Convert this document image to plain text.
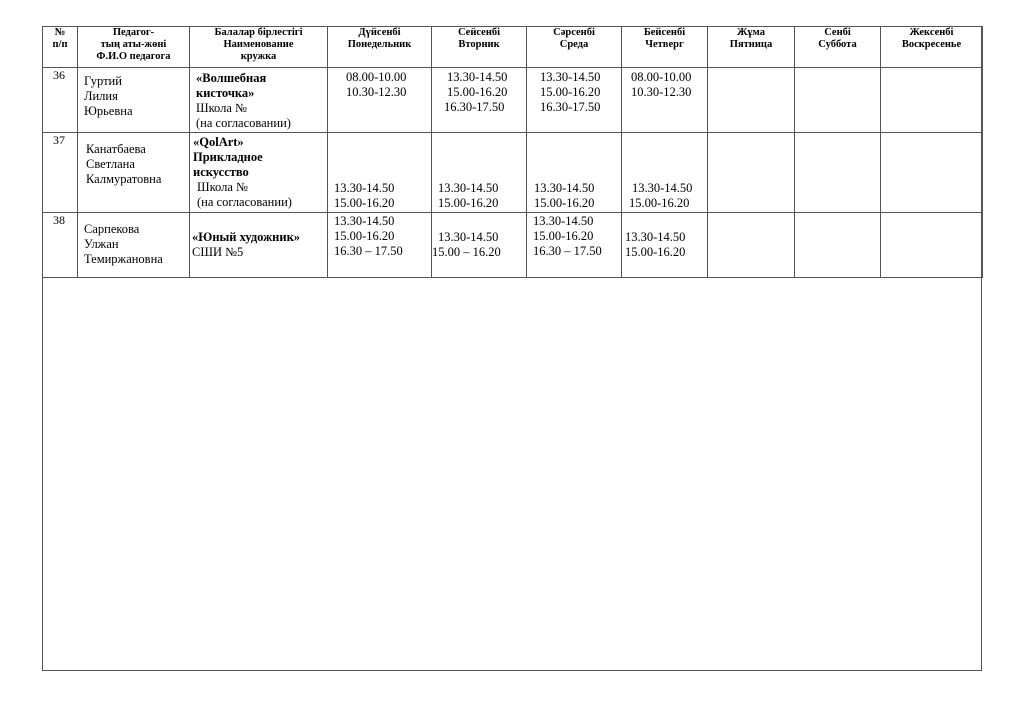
№
п/п	Педагог-
тың аты-жөні
Ф.И.О педагога	Балалар бірлестігі
Наименование
кружка	Дүйсенбі
Понедельник	Сейсенбі
Вторник	Сәрсенбі
Среда	Бейсенбі
Четверг	Жұма
Пятница	Сенбі
Суббота	Жексенбі
Воскресенье

36	Гуртий
Лилия
Юрьевна	«Волшебная
кисточка»
Школа №
(на согласовании)	08.00-10.00
10.30-12.30	13.30-14.50
15.00-16.20
16.30-17.50	13.30-14.50
15.00-16.20
16.30-17.50	08.00-10.00
10.30-12.30			

37	Канатбаева
Светлана
Калмуратовна	«QolArt»
Прикладное
искусство
Школа №
(на согласовании)	13.30-14.50
15.00-16.20	13.30-14.50
15.00-16.20	13.30-14.50
15.00-16.20	13.30-14.50
15.00-16.20			

38	Сарпекова
Улжан
Темиржановна	«Юный художник»
СШИ №5	13.30-14.50
15.00-16.20
16.30 – 17.50	13.30-14.50
15.00 – 16.20	13.30-14.50
15.00-16.20
16.30 – 17.50	13.30-14.50
15.00-16.20			
